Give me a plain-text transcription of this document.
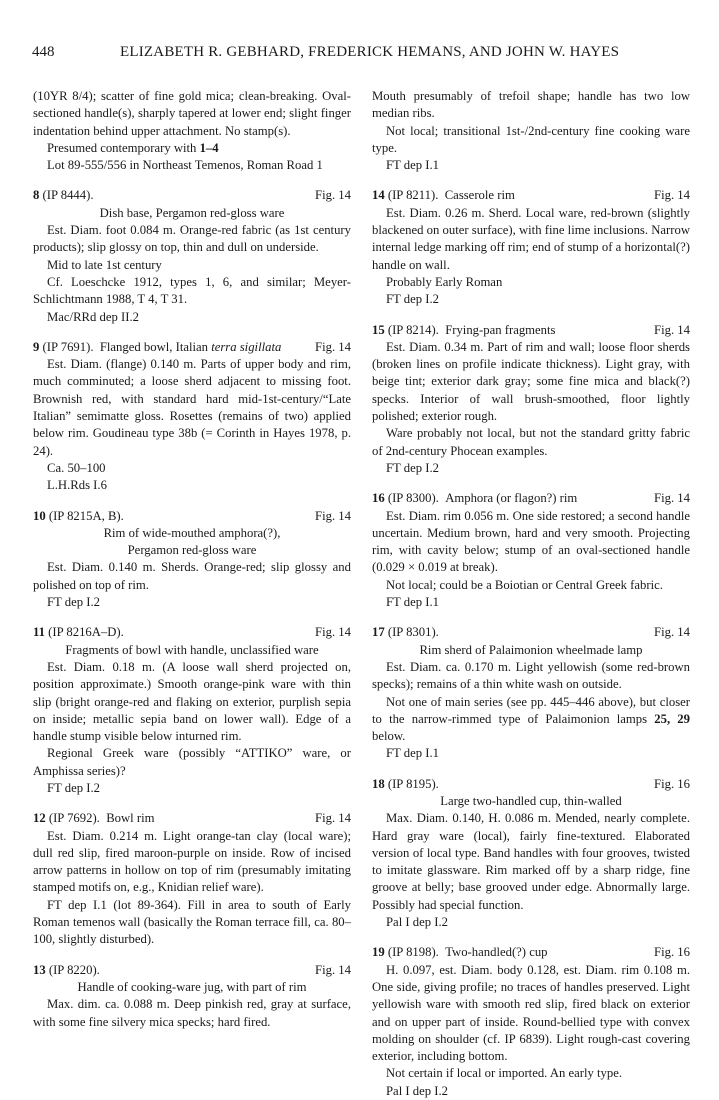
448	ELIZABETH R. GEBHARD, FREDERICK HEMANS, AND JOHN W. HAYES

(10YR 8/4); scatter of fine gold mica; clean-breaking. Oval-sectioned handle(s), sharply tapered at lower end; slight finger indentation behind upper attachment. No stamp(s).

Presumed contemporary with 1–4

Lot 89-555/556 in Northeast Temenos, Roman Road 1

8 (IP 8444).	Fig. 14

Dish base, Pergamon red-gloss ware

Est. Diam. foot 0.084 m. Orange-red fabric (as 1st century products); slip glossy on top, thin and dull on underside.

Mid to late 1st century

Cf. Loeschcke 1912, types 1, 6, and similar; Meyer-Schlichtmann 1988, T 4, T 31.

Mac/RRd dep II.2

9 (IP 7691). Flanged bowl, Italian terra sigillata	Fig. 14

Est. Diam. (flange) 0.140 m. Parts of upper body and rim, much comminuted; a loose sherd adjacent to missing foot. Brownish red, with standard hard mid-1st-century/“Late Italian” semimatte gloss. Rosettes (remains of two) applied below rim. Goudineau type 38b (= Corinth in Hayes 1978, p. 24).

Ca. 50–100

L.H.Rds I.6

10 (IP 8215A, B).	Fig. 14

Rim of wide-mouthed amphora(?),

Pergamon red-gloss ware

Est. Diam. 0.140 m. Sherds. Orange-red; slip glossy and polished on top of rim.

FT dep I.2

11 (IP 8216A–D).	Fig. 14

Fragments of bowl with handle, unclassified ware

Est. Diam. 0.18 m. (A loose wall sherd projected on, position approximate.) Smooth orange-pink ware with thin slip (bright orange-red and flaking on exterior, purplish sepia on inside; metallic sepia band on lower wall). Edge of a handle stump visible below inturned rim.

Regional Greek ware (possibly “ATTIKO” ware, or Amphissa series)?

FT dep I.2

12 (IP 7692). Bowl rim	Fig. 14

Est. Diam. 0.214 m. Light orange-tan clay (local ware); dull red slip, fired maroon-purple on inside. Row of incised arrow patterns in hollow on top of rim (presumably imitating stamped motifs on, e.g., Knidian relief ware).

FT dep I.1 (lot 89-364). Fill in area to south of Early Roman temenos wall (basically the Roman terrace fill, ca. 80–100, slightly disturbed).

13 (IP 8220).	Fig. 14

Handle of cooking-ware jug, with part of rim

Max. dim. ca. 0.088 m. Deep pinkish red, gray at surface, with some fine silvery mica specks; hard fired.

Mouth presumably of trefoil shape; handle has two low median ribs.

Not local; transitional 1st-/2nd-century fine cooking ware type.

FT dep I.1

14 (IP 8211). Casserole rim	Fig. 14

Est. Diam. 0.26 m. Sherd. Local ware, red-brown (slightly blackened on outer surface), with fine lime inclusions. Narrow internal ledge marking off rim; end of stump of a horizontal(?) handle on wall.

Probably Early Roman

FT dep I.2

15 (IP 8214). Frying-pan fragments	Fig. 14

Est. Diam. 0.34 m. Part of rim and wall; loose floor sherds (broken lines on profile indicate thickness). Light gray, with beige tint; exterior dark gray; some fine mica and black(?) specks. Interior of wall brush-smoothed, floor lightly polished; exterior rough.

Ware probably not local, but not the standard gritty fabric of 2nd-century Phocean examples.

FT dep I.2

16 (IP 8300). Amphora (or flagon?) rim	Fig. 14

Est. Diam. rim 0.056 m. One side restored; a second handle uncertain. Medium brown, hard and very smooth. Projecting rim, with cavity below; stump of an oval-sectioned handle (0.029 × 0.019 at break).

Not local; could be a Boiotian or Central Greek fabric.

FT dep I.1

17 (IP 8301).	Fig. 14

Rim sherd of Palaimonion wheelmade lamp

Est. Diam. ca. 0.170 m. Light yellowish (some red-brown specks); remains of a thin white wash on outside.

Not one of main series (see pp. 445–446 above), but closer to the narrow-rimmed type of Palaimonion lamps 25, 29 below.

FT dep I.1

18 (IP 8195).	Fig. 16

Large two-handled cup, thin-walled

Max. Diam. 0.140, H. 0.086 m. Mended, nearly complete. Hard gray ware (local), fairly fine-textured. Elaborated version of local type. Band handles with four grooves, twisted to imitate glassware. Rim marked off by a sharp ridge, fine groove at belly; base grooved under edge. Abnormally large. Possibly had special function.

Pal I dep I.2

19 (IP 8198). Two-handled(?) cup	Fig. 16

H. 0.097, est. Diam. body 0.128, est. Diam. rim 0.108 m. One side, giving profile; no traces of handles preserved. Light yellowish ware with smooth red slip, fired black on exterior and on upper part of inside. Round-bellied type with convex molding on shoulder (cf. IP 6839). Light rough-cast covering exterior, including bottom.

Not certain if local or imported. An early type.

Pal I dep I.2
